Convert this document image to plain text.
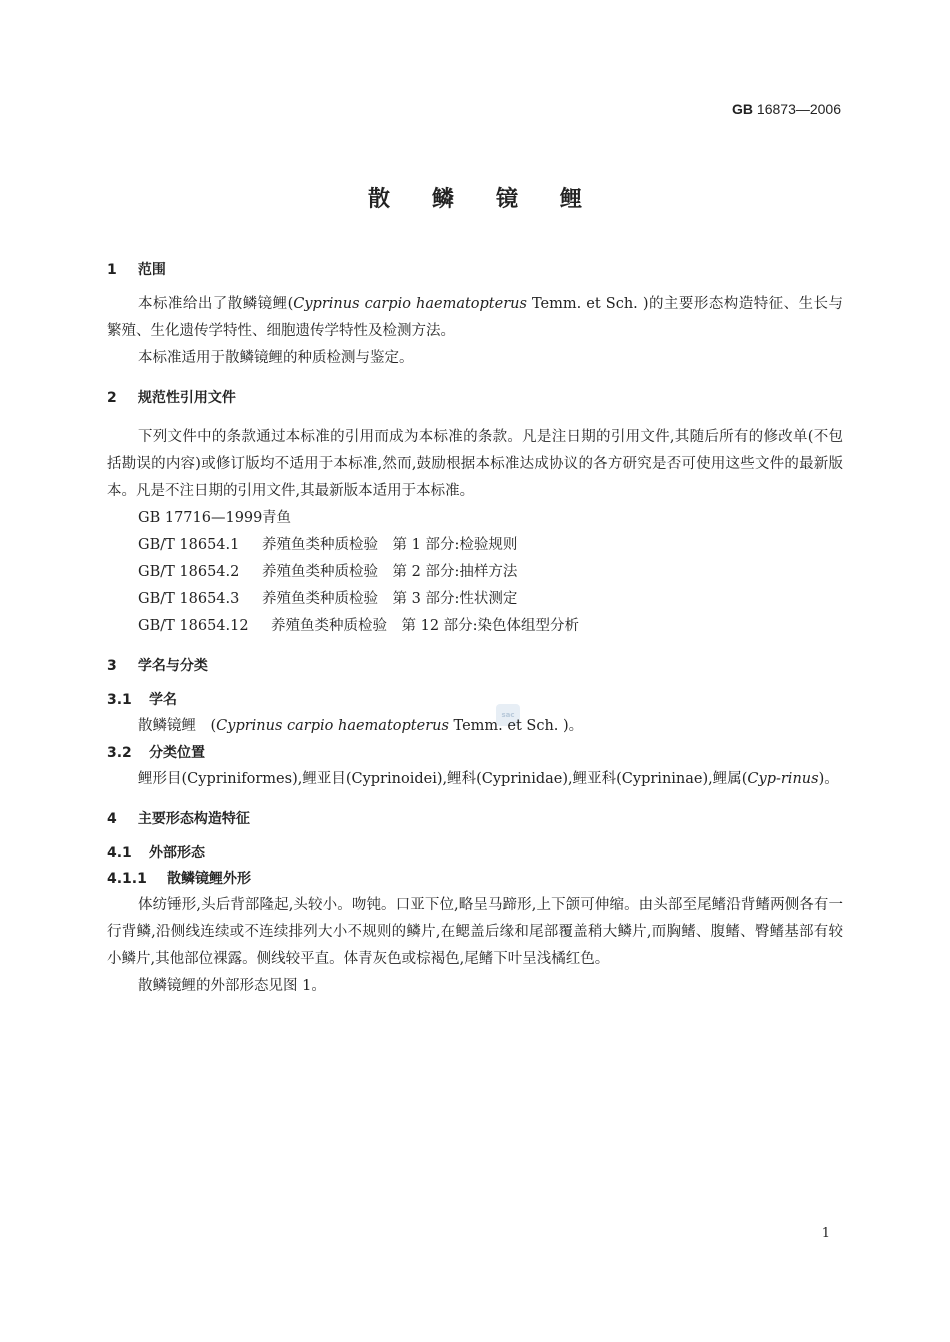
GB 16873—2006
散鳞镜鲤
sac
1 范围

本标准给出了散鳞镜鲤(Cyprinus carpio haematopterus Temm. et Sch. )的主要形态构造特征、生长与繁殖、生化遗传学特性、细胞遗传学特性及检测方法。

本标准适用于散鳞镜鲤的种质检测与鉴定。

2 规范性引用文件

下列文件中的条款通过本标准的引用而成为本标准的条款。凡是注日期的引用文件,其随后所有的修改单(不包括勘误的内容)或修订版均不适用于本标准,然而,鼓励根据本标准达成协议的各方研究是否可使用这些文件的最新版本。凡是不注日期的引用文件,其最新版本适用于本标准。

GB 17716—1999青鱼
GB/T 18654.1 养殖鱼类种质检验　第 1 部分:检验规则
GB/T 18654.2 养殖鱼类种质检验　第 2 部分:抽样方法
GB/T 18654.3 养殖鱼类种质检验　第 3 部分:性状测定
GB/T 18654.12 养殖鱼类种质检验　第 12 部分:染色体组型分析
3 学名与分类
3.1 学名

散鳞镜鲤　(Cyprinus carpio haematopterus Temm. et Sch. )。

3.2 分类位置

鲤形目(Cypriniformes),鲤亚目(Cyprinoidei),鲤科(Cyprinidae),鲤亚科(Cyprininae),鲤属(Cyp-rinus)。

4 主要形态构造特征
4.1 外部形态
4.1.1 散鳞镜鲤外形

体纺锤形,头后背部隆起,头较小。吻钝。口亚下位,略呈马蹄形,上下颌可伸缩。由头部至尾鳍沿背鳍两侧各有一行背鳞,沿侧线连续或不连续排列大小不规则的鳞片,在鳃盖后缘和尾部覆盖稍大鳞片,而胸鳍、腹鳍、臀鳍基部有较小鳞片,其他部位裸露。侧线较平直。体青灰色或棕褐色,尾鳍下叶呈浅橘红色。

散鳞镜鲤的外部形态见图 1。

1
